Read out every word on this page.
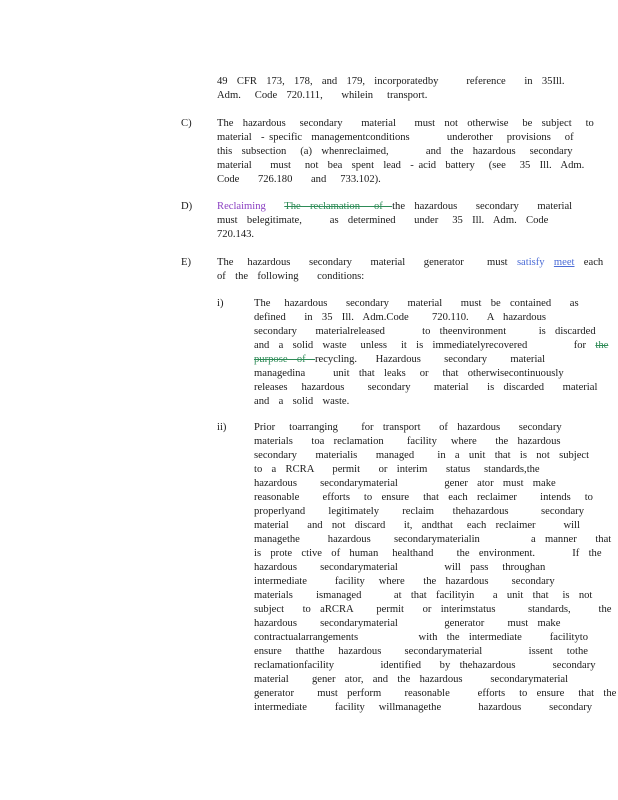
49  CFR  173,  178,  and  179,  incorporatedby      reference    in  35Ill.
Adm.   Code  720.111,    whilein   transport.
C) The  hazardous   secondary    material    must  not  otherwise   be  subject   to
material  - specific  managementconditions        underother   provisions   of
this  subsection   (a)  whenreclaimed,        and  the  hazardous   secondary
material    must   not  bea  spent  lead  - acid  battery   (see   35  Ill.  Adm.
Code    726.180    and   733.102).
D) Reclaiming The  reclamation   of  the  hazardous    secondary    material
must  belegitimate,      as  determined    under   35  Ill.  Adm.  Code
720.143.
E) The   hazardous    secondary    material    generator     must  satisfy meet  each
of  the  following    conditions:
i)	The   hazardous    secondary    material    must  be  contained    as
defined    in  35  Ill.  Adm.Code     720.110.    A  hazardous
secondary    materialreleased        to  theenvironment       is  discarded
and  a  solid  waste   unless   it  is  immediatelyrecovered          for  the
purpose  of  recycling.    Hazardous     secondary     material
managedina      unit  that  leaks   or   that  otherwisecontinuously
releases   hazardous     secondary     material    is  discarded    material
and  a  solid  waste.
ii)	Prior   toarranging     for  transport    of  hazardous    secondary
materials    toa  reclamation     facility   where    the  hazardous
secondary    materialis    managed     in  a  unit  that  is  not  subject
to  a  RCRA    permit    or  interim    status   standards,the
hazardous     secondarymaterial          gener  ator  must  make
reasonable     efforts   to  ensure   that  each  reclaimer     intends   to
properlyand     legitimately     reclaim    thehazardous       secondary
material    and  not  discard    it,  andthat   each  reclaimer      will
managethe      hazardous     secondarymaterialin           a  manner    that
is  prote  ctive  of  human   healthand     the  environment.        If  the
hazardous     secondarymaterial          will  pass   throughan
intermediate      facility   where    the  hazardous     secondary
materials     ismanaged       at  that  facilityin    a  unit  that   is  not
subject    to  aRCRA     permit    or  interimstatus       standards,      the
hazardous     secondarymaterial          generator     must  make
contractualarrangements             with  the  intermediate      facilityto
ensure   thatthe   hazardous     secondarymaterial          issent   tothe
reclamationfacility          identified    by  thehazardous        secondary
material     gener  ator,  and  the  hazardous      secondarymaterial
generator     must  perform     reasonable      efforts   to  ensure   that  the
intermediate      facility   willmanagethe        hazardous      secondary
